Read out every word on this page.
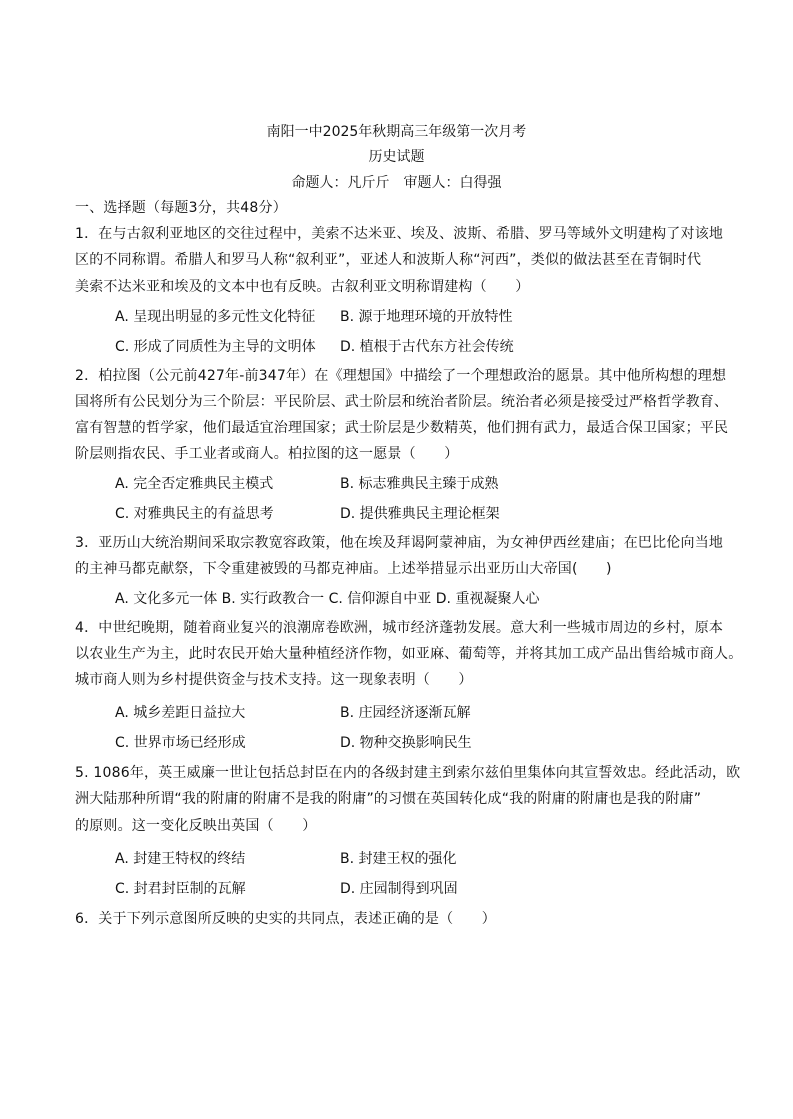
南阳一中2025年秋期高三年级第一次月考
历史试题
命题人：凡斤斤　审题人：白得强
一、选择题（每题3分，共48分）
1．在与古叙利亚地区的交往过程中，美索不达米亚、埃及、波斯、希腊、罗马等域外文明建构了对该地
区的不同称谓。希腊人和罗马人称“叙利亚”，亚述人和波斯人称“河西”，类似的做法甚至在青铜时代
美索不达米亚和埃及的文本中也有反映。古叙利亚文明称谓建构（　　）
A. 呈现出明显的多元性文化特征 B. 源于地理环境的开放特性
C. 形成了同质性为主导的文明体 D. 植根于古代东方社会传统
2．柏拉图（公元前427年-前347年）在《理想国》中描绘了一个理想政治的愿景。其中他所构想的理想
国将所有公民划分为三个阶层：平民阶层、武士阶层和统治者阶层。统治者必须是接受过严格哲学教育、
富有智慧的哲学家，他们最适宜治理国家；武士阶层是少数精英，他们拥有武力，最适合保卫国家；平民
阶层则指农民、手工业者或商人。柏拉图的这一愿景（　　）
A. 完全否定雅典民主模式	B. 标志雅典民主臻于成熟
C. 对雅典民主的有益思考	D. 提供雅典民主理论框架
3．亚历山大统治期间采取宗教宽容政策，他在埃及拜谒阿蒙神庙，为女神伊西丝建庙；在巴比伦向当地
的主神马都克献祭，下令重建被毁的马都克神庙。上述举措显示出亚历山大帝国(　　)
A. 文化多元一体 B. 实行政教合一 C. 信仰源自中亚 D. 重视凝聚人心
4．中世纪晚期，随着商业复兴的浪潮席卷欧洲，城市经济蓬勃发展。意大利一些城市周边的乡村，原本
以农业生产为主，此时农民开始大量种植经济作物，如亚麻、葡萄等，并将其加工成产品出售给城市商人。
城市商人则为乡村提供资金与技术支持。这一现象表明（　　）
A. 城乡差距日益拉大	B. 庄园经济逐渐瓦解
C. 世界市场已经形成	D. 物种交换影响民生
5. 1086年，英王威廉一世让包括总封臣在内的各级封建主到索尔兹伯里集体向其宣誓效忠。经此活动，欧
洲大陆那种所谓“我的附庸的附庸不是我的附庸”的习惯在英国转化成“我的附庸的附庸也是我的附庸”
的原则。这一变化反映出英国（　　）
A. 封建王特权的终结	B. 封建王权的强化
C. 封君封臣制的瓦解	D. 庄园制得到巩固
6．关于下列示意图所反映的史实的共同点，表述正确的是（　　）
